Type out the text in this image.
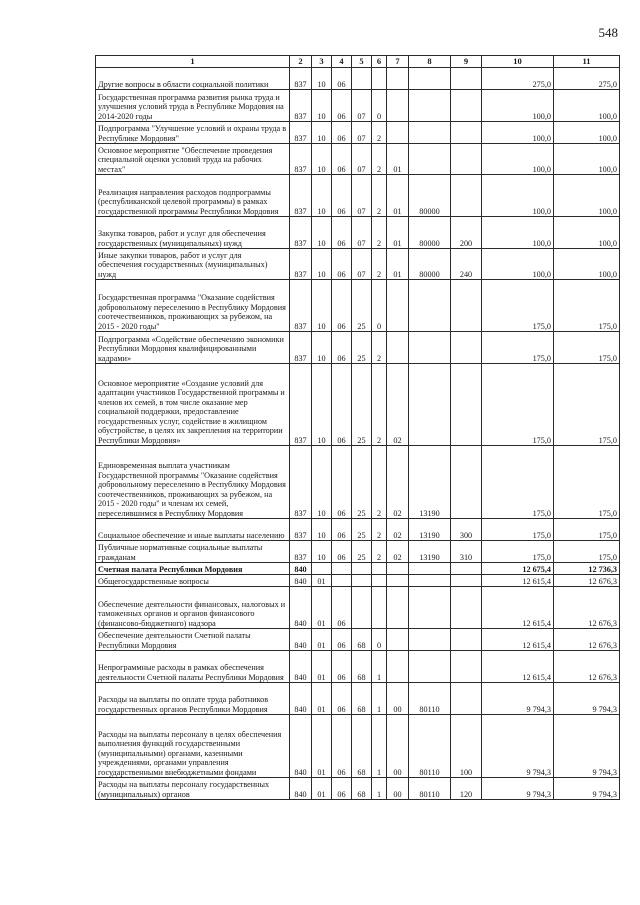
548
1	2	3	4	5	6	7	8	9	10	11
Другие вопросы в области социальной политики	837	10	06						275,0	275,0
Государственная программа развития рынка труда и улучшения условий труда в Республике Мордовия на 2014-2020 годы	837	10	06	07	0				100,0	100,0
Подпрограмма "Улучшение условий и охраны труда в Республике Мордовия"	837	10	06	07	2				100,0	100,0
Основное мероприятие "Обеспечение проведения специальной оценки условий труда на рабочих местах"	837	10	06	07	2	01			100,0	100,0
Реализация направления расходов подпрограммы (республиканской целевой программы) в рамках государственной программы Республики Мордовия	837	10	06	07	2	01	80000		100,0	100,0
Закупка товаров, работ и услуг для обеспечения государственных (муниципальных) нужд	837	10	06	07	2	01	80000	200	100,0	100,0
Иные закупки товаров, работ и услуг для обеспечения государственных (муниципальных) нужд	837	10	06	07	2	01	80000	240	100,0	100,0
Государственная программа "Оказание содействия добровольному переселению в Республику Мордовия соотечественников, проживающих за рубежом, на 2015 - 2020 годы"	837	10	06	25	0				175,0	175,0
Подпрограмма «Содействие обеспечению экономики Республики Мордовия квалифицированными кадрами»	837	10	06	25	2				175,0	175,0
Основное мероприятие «Создание условий для адаптации участников Государственной программы и членов их семей, в том числе оказание мер социальной поддержки, предоставление государственных услуг, содействие в жилищном обустройстве, в целях их закрепления на территории Республики Мордовия»	837	10	06	25	2	02			175,0	175,0
Единовременная выплата участникам Государственной программы "Оказание содействия добровольному переселению в Республику Мордовия соотечественников, проживающих за рубежом, на 2015 - 2020 годы" и членам их семей, переселившимся в Республику Мордовия	837	10	06	25	2	02	13190		175,0	175,0
Социальное обеспечение и иные выплаты населению	837	10	06	25	2	02	13190	300	175,0	175,0
Публичные нормативные социальные выплаты гражданам	837	10	06	25	2	02	13190	310	175,0	175,0
Счетная палата Республики Мордовия	840								12 675,4	12 736,3
Общегосударственные вопросы	840	01							12 615,4	12 676,3
Обеспечение деятельности финансовых, налоговых и таможенных органов и органов финансового (финансово-бюджетного) надзора	840	01	06						12 615,4	12 676,3
Обеспечение деятельности Счетной палаты Республики Мордовия	840	01	06	68	0				12 615,4	12 676,3
Непрограммные расходы в рамках обеспечения деятельности Счетной палаты Республики Мордовия	840	01	06	68	1				12 615,4	12 676,3
Расходы на выплаты по оплате труда работников государственных органов Республики Мордовия	840	01	06	68	1	00	80110		9 794,3	9 794,3
Расходы на выплаты персоналу в целях обеспечения выполнения функций государственными (муниципальными) органами, казенными учреждениями, органами управления государственными внебюджетными фондами	840	01	06	68	1	00	80110	100	9 794,3	9 794,3
Расходы на выплаты персоналу государственных (муниципальных) органов	840	01	06	68	1	00	80110	120	9 794,3	9 794,3
